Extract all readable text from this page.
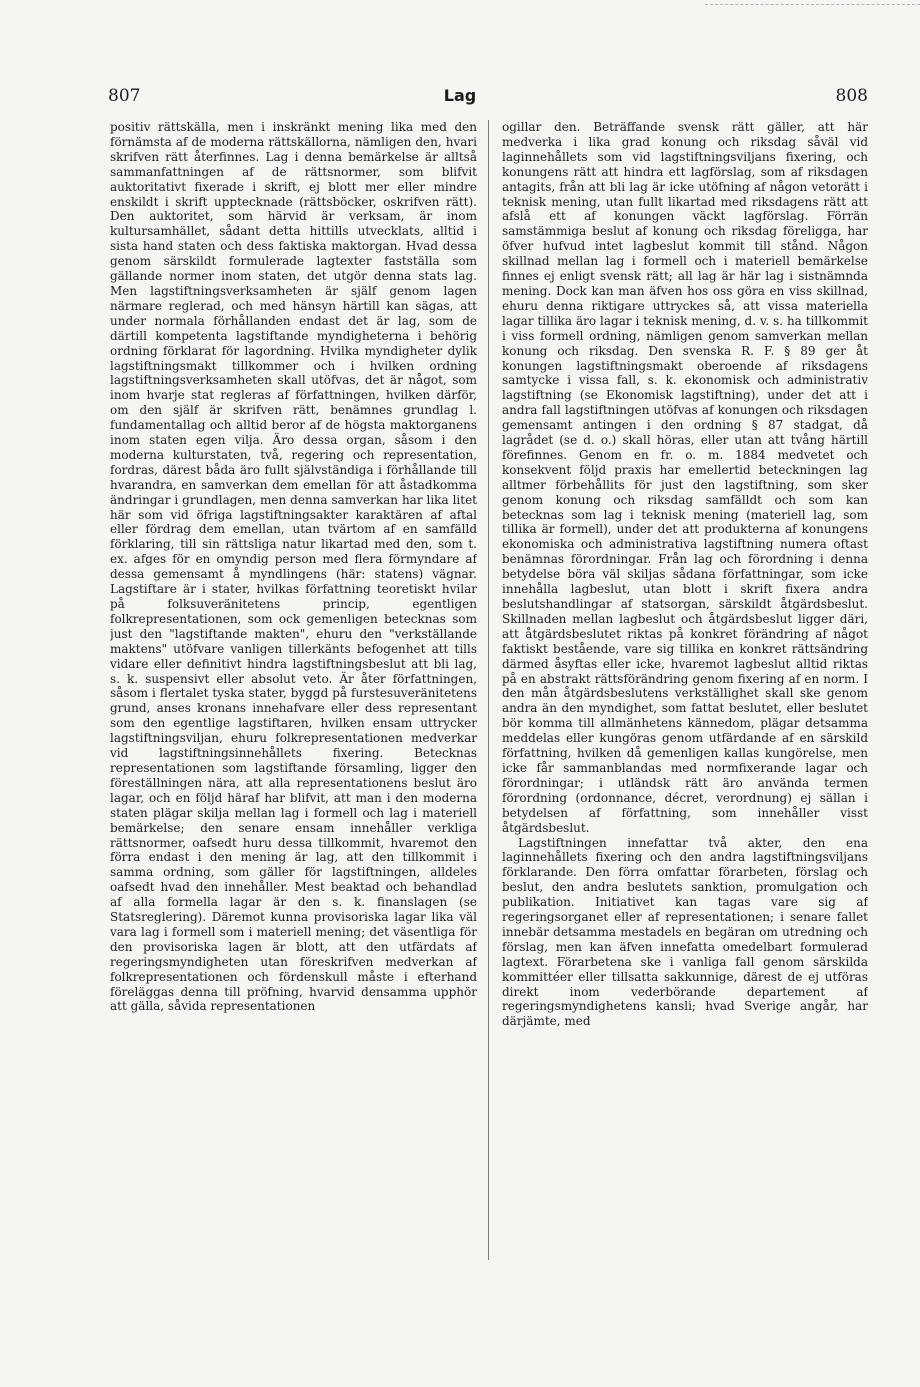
807	Lag	808

positiv rättskälla, men i inskränkt mening lika med den förnämsta af de moderna rättskällorna, nämligen den, hvari skrifven rätt återfinnes. Lag i denna bemärkelse är alltså sammanfattningen af de rättsnormer, som blifvit auktoritativt fixerade i skrift, ej blott mer eller mindre enskildt i skrift upptecknade (rättsböcker, oskrifven rätt). Den auktoritet, som härvid är verksam, är inom kultursamhället, sådant detta hittills utvecklats, alltid i sista hand staten och dess faktiska maktorgan. Hvad dessa genom särskildt formulerade lagtexter fastställa som gällande normer inom staten, det utgör denna stats lag. Men lagstiftningsverksamheten är själf genom lagen närmare reglerad, och med hänsyn härtill kan sägas, att under normala förhållanden endast det är lag, som de därtill kompetenta lagstiftande myndigheterna i behörig ordning förklarat för lagordning. Hvilka myndigheter dylik lagstiftningsmakt tillkommer och i hvilken ordning lagstiftningsverksamheten skall utöfvas, det är något, som inom hvarje stat regleras af författningen, hvilken därför, om den själf är skrifven rätt, benämnes grundlag l. fundamentallag och alltid beror af de högsta maktorganens inom staten egen vilja. Äro dessa organ, såsom i den moderna kulturstaten, två, regering och representation, fordras, därest båda äro fullt självständiga i förhållande till hvarandra, en samverkan dem emellan för att åstadkomma ändringar i grundlagen, men denna samverkan har lika litet här som vid öfriga lagstiftningsakter karaktären af aftal eller fördrag dem emellan, utan tvärtom af en samfälld förklaring, till sin rättsliga natur likartad med den, som t. ex. afges för en omyndig person med flera förmyndare af dessa gemensamt å myndlingens (här: statens) vägnar. Lagstiftare är i stater, hvilkas författning teoretiskt hvilar på folksuveränitetens princip, egentligen folkrepresentationen, som ock gemenligen betecknas som just den "lagstiftande makten", ehuru den "verkställande maktens" utöfvare vanligen tillerkänts befogenhet att tills vidare eller definitivt hindra lagstiftningsbeslut att bli lag, s. k. suspensivt eller absolut veto. Är åter författningen, såsom i flertalet tyska stater, byggd på furstesuveränitetens grund, anses kronans innehafvare eller dess representant som den egentlige lagstiftaren, hvilken ensam uttrycker lagstiftningsviljan, ehuru folkrepresentationen medverkar vid lagstiftningsinnehållets fixering. Betecknas representationen som lagstiftande församling, ligger den föreställningen nära, att alla representationens beslut äro lagar, och en följd häraf har blifvit, att man i den moderna staten plägar skilja mellan lag i formell och lag i materiell bemärkelse; den senare ensam innehåller verkliga rättsnormer, oafsedt huru dessa tillkommit, hvaremot den förra endast i den mening är lag, att den tillkommit i samma ordning, som gäller för lagstiftningen, alldeles oafsedt hvad den innehåller. Mest beaktad och behandlad af alla formella lagar är den s. k. finanslagen (se Statsreglering). Däremot kunna provisoriska lagar lika väl vara lag i formell som i materiell mening; det väsentliga för den provisoriska lagen är blott, att den utfärdats af regeringsmyndigheten utan föreskrifven medverkan af folkrepresentationen och fördenskull måste i efterhand föreläggas denna till pröfning, hvarvid densamma upphör att gälla, såvida representationen

ogillar den. Beträffande svensk rätt gäller, att här medverka i lika grad konung och riksdag såväl vid laginnehållets som vid lagstiftningsviljans fixering, och konungens rätt att hindra ett lagförslag, som af riksdagen antagits, från att bli lag är icke utöfning af någon vetorätt i teknisk mening, utan fullt likartad med riksdagens rätt att afslå ett af konungen väckt lagförslag. Förrän samstämmiga beslut af konung och riksdag föreligga, har öfver hufvud intet lagbeslut kommit till stånd. Någon skillnad mellan lag i formell och i materiell bemärkelse finnes ej enligt svensk rätt; all lag är här lag i sistnämnda mening. Dock kan man äfven hos oss göra en viss skillnad, ehuru denna riktigare uttryckes så, att vissa materiella lagar tillika äro lagar i teknisk mening, d. v. s. ha tillkommit i viss formell ordning, nämligen genom samverkan mellan konung och riksdag. Den svenska R. F. § 89 ger åt konungen lagstiftningsmakt oberoende af riksdagens samtycke i vissa fall, s. k. ekonomisk och administrativ lagstiftning (se Ekonomisk lagstiftning), under det att i andra fall lagstiftningen utöfvas af konungen och riksdagen gemensamt antingen i den ordning § 87 stadgat, då lagrådet (se d. o.) skall höras, eller utan att tvång härtill förefinnes. Genom en fr. o. m. 1884 medvetet och konsekvent följd praxis har emellertid beteckningen lag alltmer förbehållits för just den lagstiftning, som sker genom konung och riksdag samfälldt och som kan betecknas som lag i teknisk mening (materiell lag, som tillika är formell), under det att produkterna af konungens ekonomiska och administrativa lagstiftning numera oftast benämnas förordningar. Från lag och förordning i denna betydelse böra väl skiljas sådana författningar, som icke innehålla lagbeslut, utan blott i skrift fixera andra beslutshandlingar af statsorgan, särskildt åtgärdsbeslut. Skillnaden mellan lagbeslut och åtgärdsbeslut ligger däri, att åtgärdsbeslutet riktas på konkret förändring af något faktiskt bestående, vare sig tillika en konkret rättsändring därmed åsyftas eller icke, hvaremot lagbeslut alltid riktas på en abstrakt rättsförändring genom fixering af en norm. I den mån åtgärdsbeslutens verkställighet skall ske genom andra än den myndighet, som fattat beslutet, eller beslutet bör komma till allmänhetens kännedom, plägar detsamma meddelas eller kungöras genom utfärdande af en särskild författning, hvilken då gemenligen kallas kungörelse, men icke får sammanblandas med normfixerande lagar och förordningar; i utländsk rätt äro använda termen förordning (ordonnance, décret, verordnung) ej sällan i betydelsen af författning, som innehåller visst åtgärdsbeslut.

Lagstiftningen innefattar två akter, den ena laginnehållets fixering och den andra lagstiftningsviljans förklarande. Den förra omfattar förarbeten, förslag och beslut, den andra beslutets sanktion, promulgation och publikation. Initiativet kan tagas vare sig af regeringsorganet eller af representationen; i senare fallet innebär detsamma mestadels en begäran om utredning och förslag, men kan äfven innefatta omedelbart formulerad lagtext. Förarbetena ske i vanliga fall genom särskilda kommittéer eller tillsatta sakkunnige, därest de ej utföras direkt inom vederbörande departement af regeringsmyndighetens kansli; hvad Sverige angår, har därjämte, med
